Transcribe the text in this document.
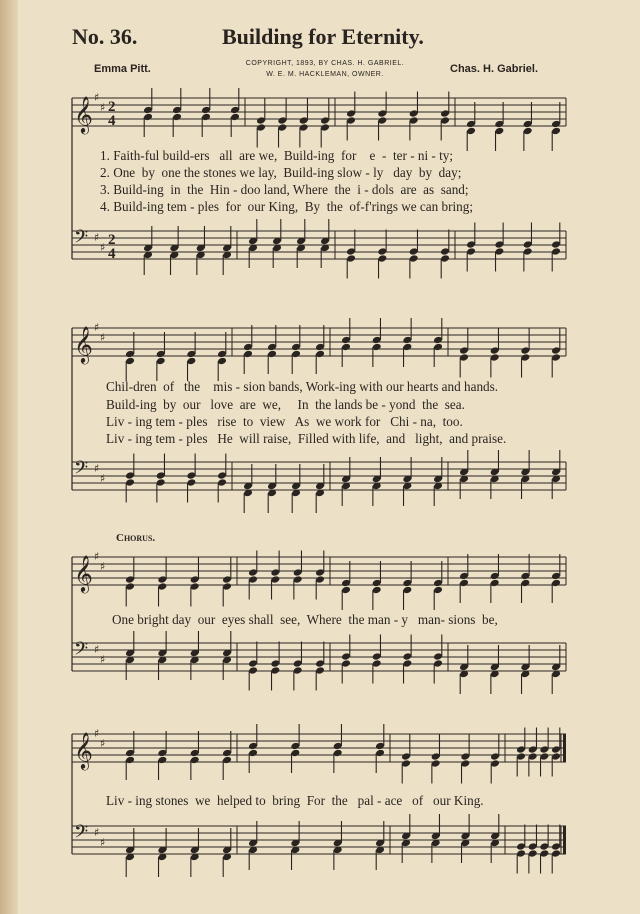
No. 36.	Building for Eternity.
Emma Pitt.	COPYRIGHT, 1893, BY CHAS. H. GABRIEL.
W. E. M. HACKLEMAN, OWNER.	Chas. H. Gabriel.
𝄞 ♯
♯ 2
4
𝄢 ♯
♯ 2
4
𝄞 ♯
♯
𝄢 ♯
♯
𝄞 ♯
♯
𝄢 ♯
♯
𝄞 ♯
♯
𝄢 ♯
♯
1. Faith-ful build-ers   all  are we,  Build-ing  for    e  -  ter - ni - ty;
2. One  by  one the stones we lay,  Build-ing slow - ly   day  by  day;
3. Build-ing  in  the  Hin - doo land, Where  the  i - dols  are  as  sand;
4. Build-ing tem - ples  for  our King,  By  the  of-f'rings we can bring;
Chil-dren  of   the    mis - sion bands, Work-ing with our hearts and hands.
Build-ing  by  our   love  are  we,     In  the lands be - yond  the  sea.
Liv - ing tem - ples   rise  to  view   As  we work for   Chi - na,  too.
Liv - ing tem - ples   He  will raise,  Filled with life,  and   light,  and praise.
Chorus.
One bright day  our  eyes shall  see,  Where  the man - y   man- sions  be,
Liv - ing stones  we  helped to  bring  For  the   pal - ace   of   our King.
